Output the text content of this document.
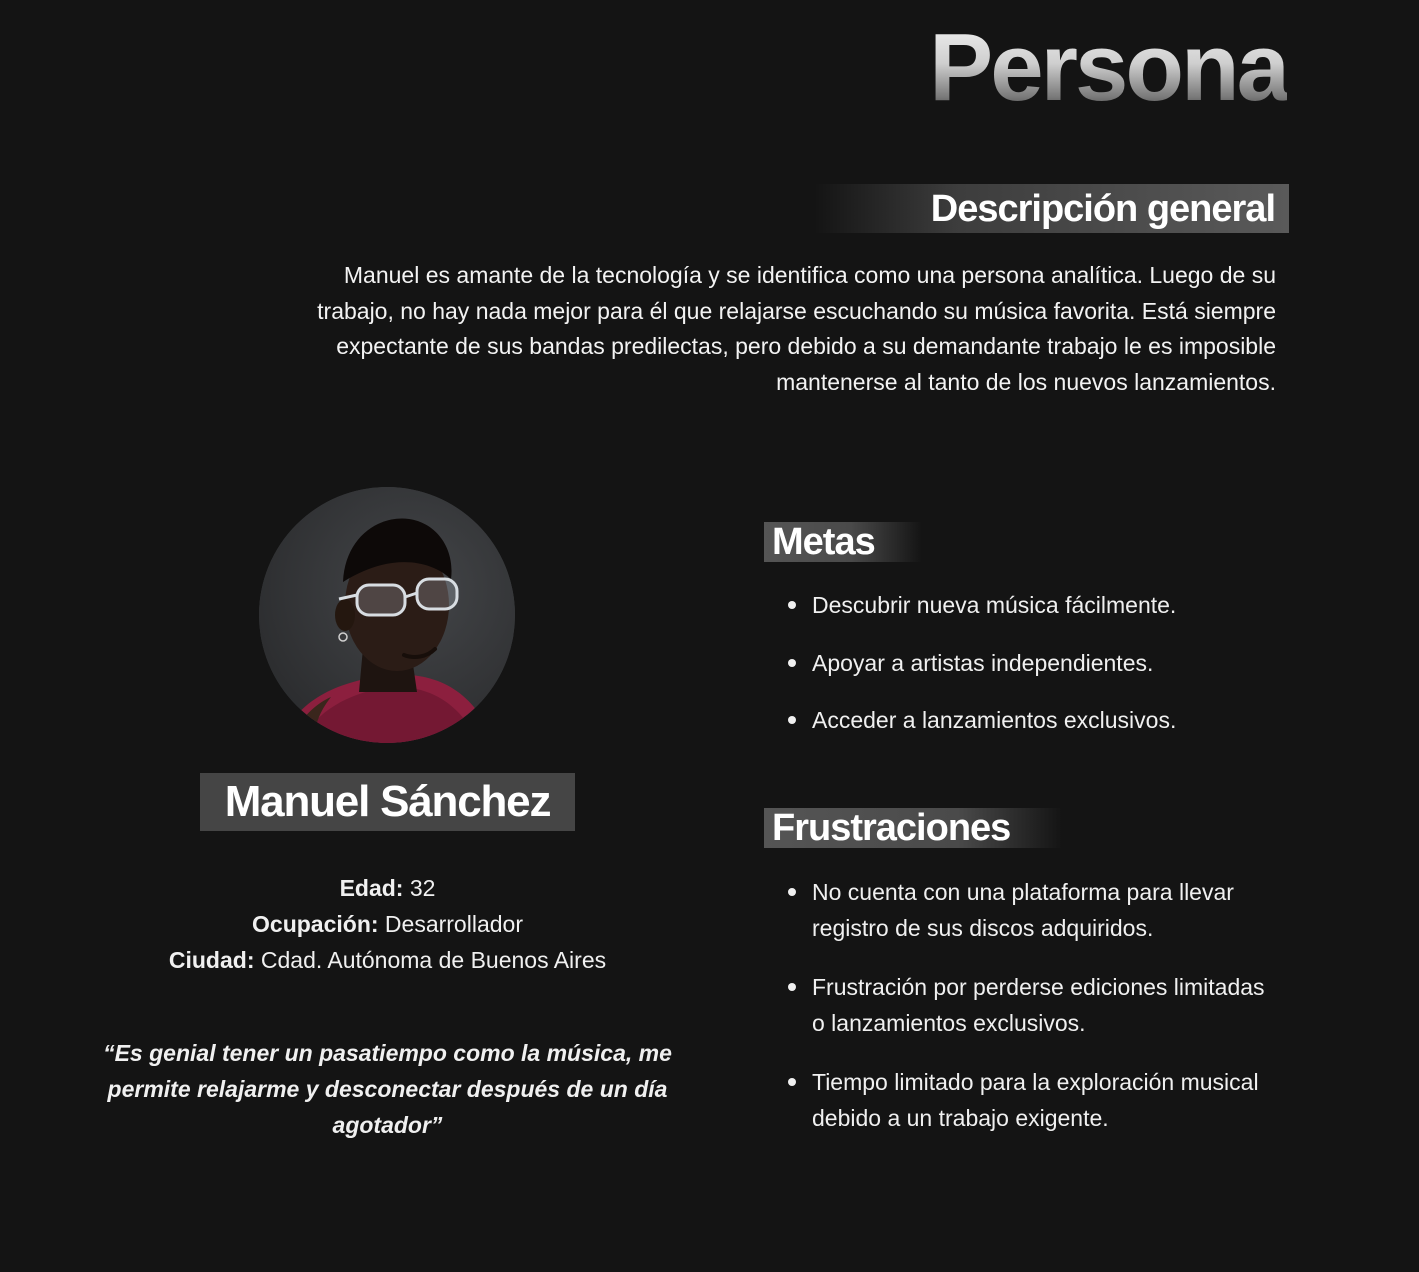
Persona
Descripción general

Manuel es amante de la tecnología y se identifica como una persona analítica. Luego de su trabajo, no hay nada mejor para él que relajarse escuchando su música favorita. Está siempre expectante de sus bandas predilectas, pero debido a su demandante trabajo le es imposible mantenerse al tanto de los nuevos lanzamientos.

Manuel Sánchez
Edad: 32
Ocupación: Desarrollador
Ciudad: Cdad. Autónoma de Buenos Aires

“Es genial tener un pasatiempo como la música, me permite relajarme y desconectar después de un día agotador”

Metas
Descubrir nueva música fácilmente.
Apoyar a artistas independientes.
Acceder a lanzamientos exclusivos.
Frustraciones
No cuenta con una plataforma para llevar registro de sus discos adquiridos.
Frustración por perderse ediciones limitadas o lanzamientos exclusivos.
Tiempo limitado para la exploración musical debido a un trabajo exigente.
